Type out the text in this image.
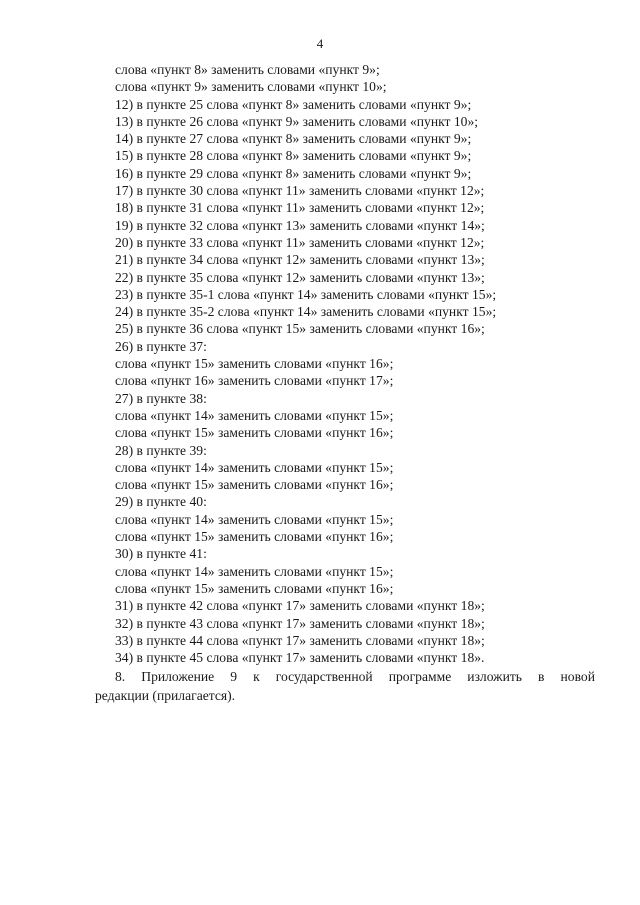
4
слова «пункт 8» заменить словами «пункт 9»;
слова «пункт 9» заменить словами «пункт 10»;
12) в пункте 25 слова «пункт 8» заменить словами «пункт 9»;
13) в пункте 26 слова «пункт 9» заменить словами «пункт 10»;
14) в пункте 27 слова «пункт 8» заменить словами «пункт 9»;
15) в пункте 28 слова «пункт 8» заменить словами «пункт 9»;
16) в пункте 29 слова «пункт 8» заменить словами «пункт 9»;
17) в пункте 30 слова «пункт 11» заменить словами «пункт 12»;
18) в пункте 31 слова «пункт 11» заменить словами «пункт 12»;
19) в пункте 32 слова «пункт 13» заменить словами «пункт 14»;
20) в пункте 33 слова «пункт 11» заменить словами «пункт 12»;
21) в пункте 34 слова «пункт 12» заменить словами «пункт 13»;
22) в пункте 35 слова «пункт 12» заменить словами «пункт 13»;
23) в пункте 35-1 слова «пункт 14» заменить словами «пункт 15»;
24) в пункте 35-2 слова «пункт 14» заменить словами «пункт 15»;
25) в пункте 36 слова «пункт 15» заменить словами «пункт 16»;
26) в пункте 37:
слова «пункт 15» заменить словами «пункт 16»;
слова «пункт 16» заменить словами «пункт 17»;
27) в пункте 38:
слова «пункт 14» заменить словами «пункт 15»;
слова «пункт 15» заменить словами «пункт 16»;
28) в пункте 39:
слова «пункт 14» заменить словами «пункт 15»;
слова «пункт 15» заменить словами «пункт 16»;
29) в пункте 40:
слова «пункт 14» заменить словами «пункт 15»;
слова «пункт 15» заменить словами «пункт 16»;
30) в пункте 41:
слова «пункт 14» заменить словами «пункт 15»;
слова «пункт 15» заменить словами «пункт 16»;
31) в пункте 42 слова «пункт 17» заменить словами «пункт 18»;
32) в пункте 43 слова «пункт 17» заменить словами «пункт 18»;
33) в пункте 44 слова «пункт 17» заменить словами «пункт 18»;
34) в пункте 45 слова «пункт 17» заменить словами «пункт 18».
8. Приложение 9 к государственной программе изложить в новой
редакции (прилагается).
